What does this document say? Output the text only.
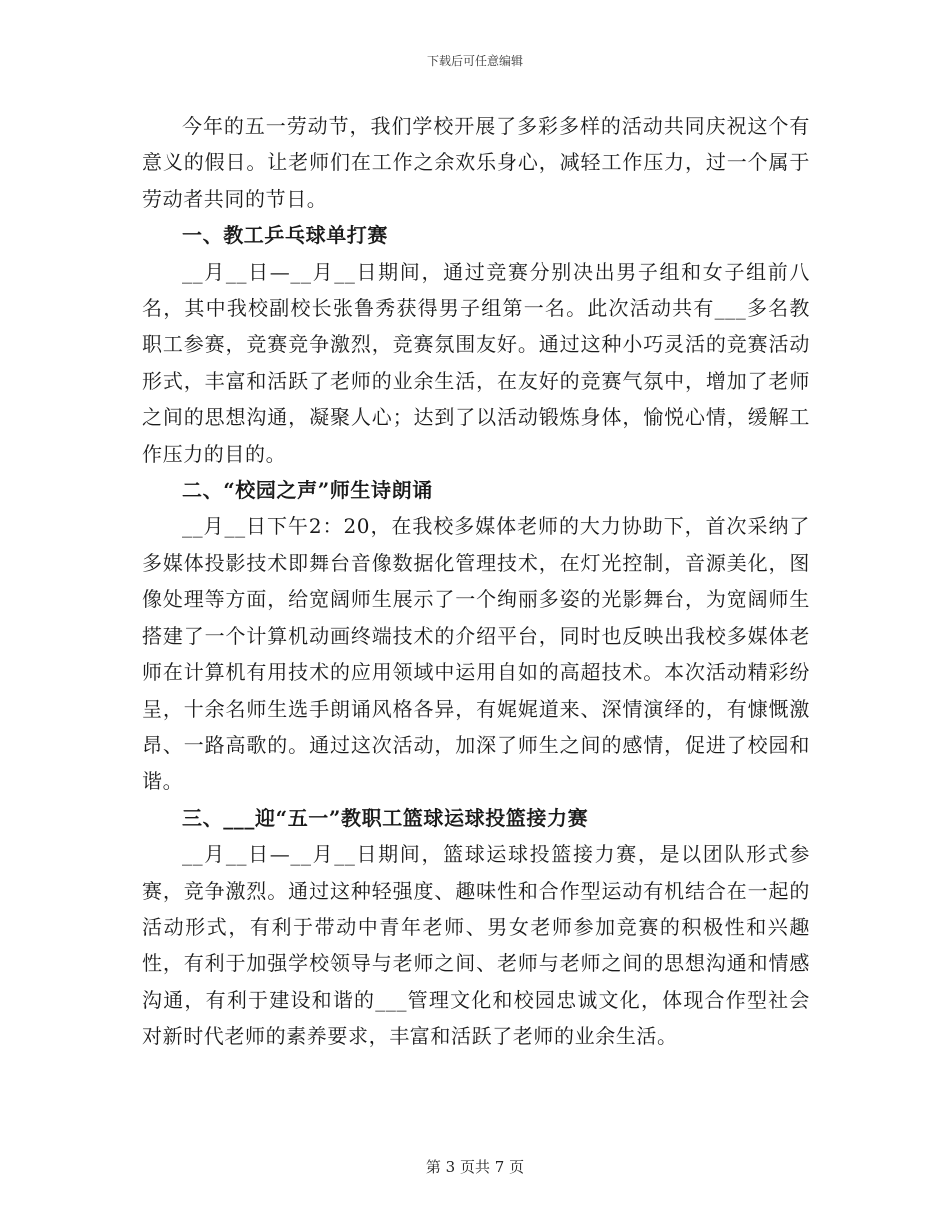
下载后可任意编辑

今年的五一劳动节，我们学校开展了多彩多样的活动共同庆祝这个有意义的假日。让老师们在工作之余欢乐身心，减轻工作压力，过一个属于劳动者共同的节日。

一、教工乒乓球单打赛

__月__日—__月__日期间，通过竞赛分别决出男子组和女子组前八名，其中我校副校长张鲁秀获得男子组第一名。此次活动共有___多名教职工参赛，竞赛竞争激烈，竞赛氛围友好。通过这种小巧灵活的竞赛活动形式，丰富和活跃了老师的业余生活，在友好的竞赛气氛中，增加了老师之间的思想沟通，凝聚人心；达到了以活动锻炼身体，愉悦心情，缓解工作压力的目的。

二、“校园之声”师生诗朗诵

__月__日下午2：20，在我校多媒体老师的大力协助下，首次采纳了多媒体投影技术即舞台音像数据化管理技术，在灯光控制，音源美化，图像处理等方面，给宽阔师生展示了一个绚丽多姿的光影舞台，为宽阔师生搭建了一个计算机动画终端技术的介绍平台，同时也反映出我校多媒体老师在计算机有用技术的应用领域中运用自如的高超技术。本次活动精彩纷呈，十余名师生选手朗诵风格各异，有娓娓道来、深情演绎的，有慷慨激昂、一路高歌的。通过这次活动，加深了师生之间的感情，促进了校园和谐。

三、___迎“五一”教职工篮球运球投篮接力赛

__月__日—__月__日期间，篮球运球投篮接力赛，是以团队形式参赛，竞争激烈。通过这种轻强度、趣味性和合作型运动有机结合在一起的活动形式，有利于带动中青年老师、男女老师参加竞赛的积极性和兴趣性，有利于加强学校领导与老师之间、老师与老师之间的思想沟通和情感沟通，有利于建设和谐的___管理文化和校园忠诚文化，体现合作型社会对新时代老师的素养要求，丰富和活跃了老师的业余生活。

第 3 页共 7 页
